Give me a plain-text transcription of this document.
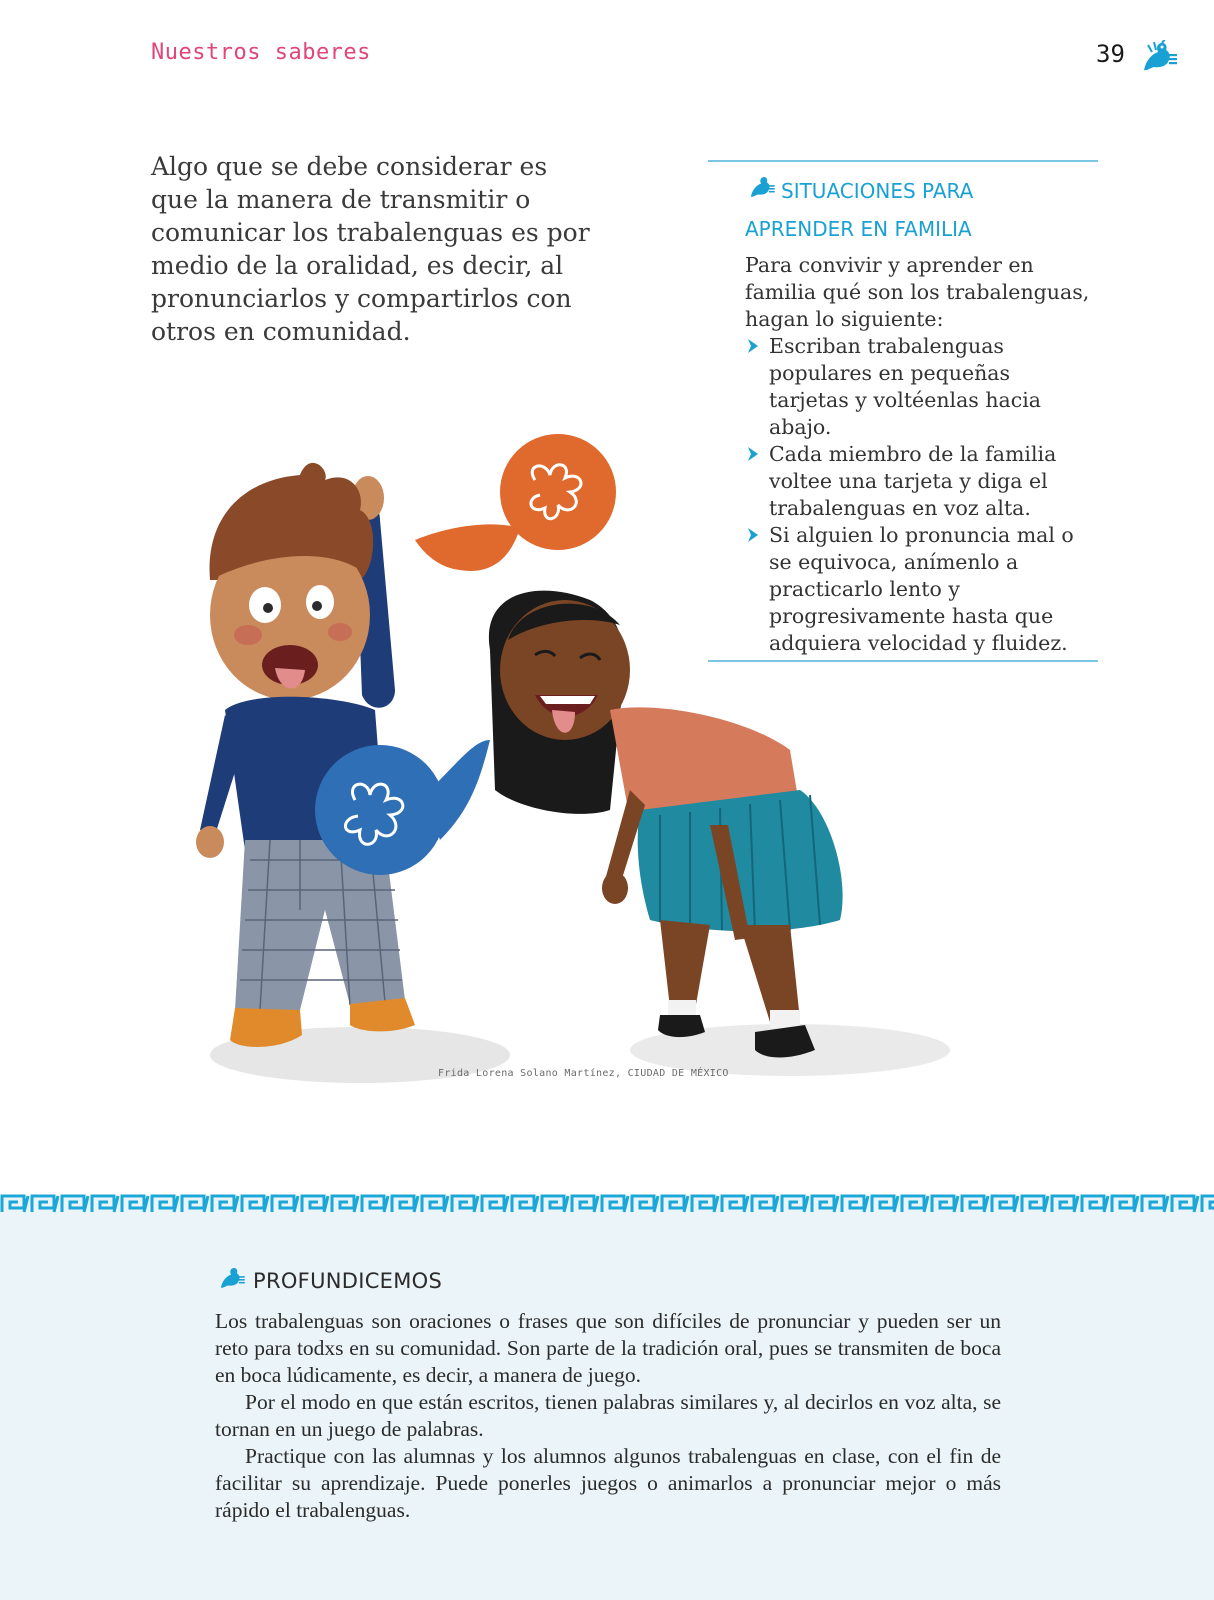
Nuestros saberes	39

Algo que se debe considerar es que la manera de transmitir o comunicar los trabalenguas es por medio de la oralidad, es decir, al pronunciarlos y compartirlos con otros en comunidad.

SITUACIONES PARA
APRENDER EN FAMILIA

Para convivir y aprender en familia qué son los trabalenguas, hagan lo siguiente:

Escriban trabalenguas populares en pequeñas tarjetas y voltéenlas hacia abajo.
Cada miembro de la familia voltee una tarjeta y diga el trabalenguas en voz alta.
Si alguien lo pronuncia mal o se equivoca, anímenlo a practicarlo lento y progresivamente hasta que adquiera velocidad y fluidez.
Frida Lorena Solano Martínez, CIUDAD DE MÉXICO
PROFUNDICEMOS

Los trabalenguas son oraciones o frases que son difíciles de pronunciar y pueden ser un reto para todxs en su comunidad. Son parte de la tradición oral, pues se transmiten de boca en boca lúdicamente, es decir, a manera de juego.

Por el modo en que están escritos, tienen palabras similares y, al decirlos en voz alta, se tornan en un juego de palabras.

Practique con las alumnas y los alumnos algunos trabalenguas en clase, con el fin de facilitar su aprendizaje. Puede ponerles juegos o animarlos a pronunciar mejor o más rápido el trabalenguas.
